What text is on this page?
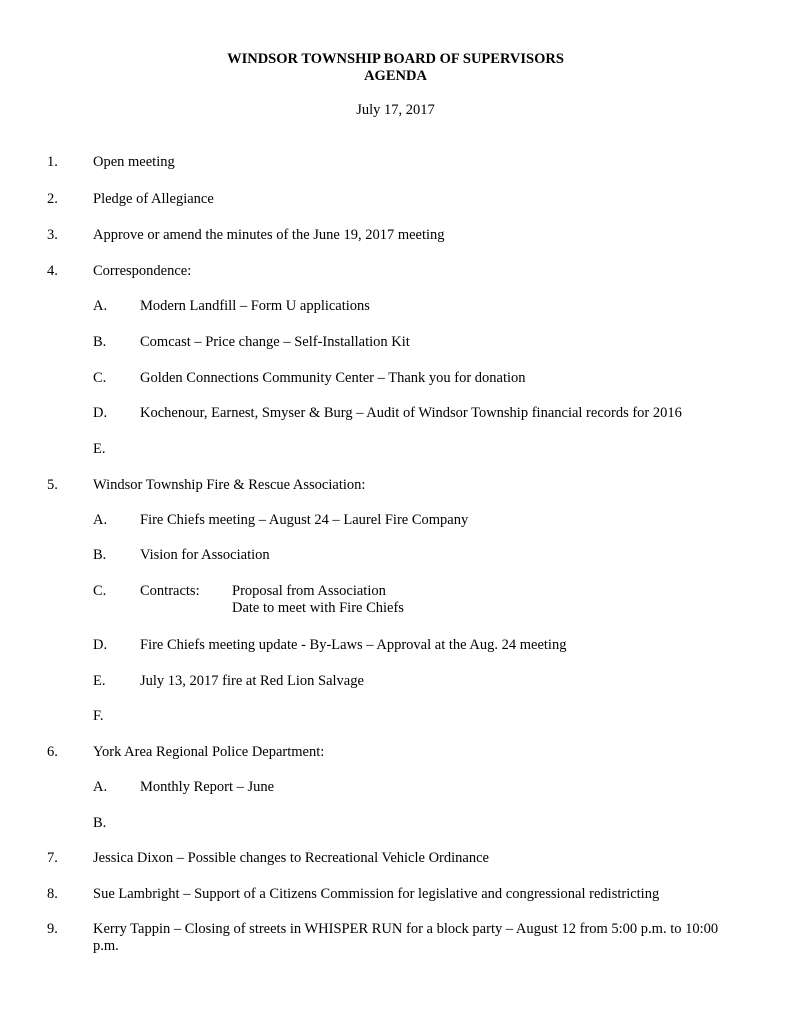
WINDSOR TOWNSHIP BOARD OF SUPERVISORS
AGENDA
July 17, 2017
1. Open meeting
2. Pledge of Allegiance
3. Approve or amend the minutes of the June 19, 2017 meeting
4. Correspondence:
A. Modern Landfill – Form U applications
B. Comcast – Price change – Self-Installation Kit
C. Golden Connections Community Center – Thank you for donation
D. Kochenour, Earnest, Smyser & Burg – Audit of Windsor Township financial records for 2016
E.
5. Windsor Township Fire & Rescue Association:
A. Fire Chiefs meeting – August 24 – Laurel Fire Company
B. Vision for Association
C. Contracts:	Proposal from Association
Date to meet with Fire Chiefs
D. Fire Chiefs meeting update - By-Laws – Approval at the Aug. 24 meeting
E. July 13, 2017 fire at Red Lion Salvage
F.
6. York Area Regional Police Department:
A. Monthly Report – June
B.
7. Jessica Dixon – Possible changes to Recreational Vehicle Ordinance
8. Sue Lambright – Support of a Citizens Commission for legislative and congressional redistricting
9. Kerry Tappin – Closing of streets in WHISPER RUN for a block party – August 12 from 5:00 p.m. to 10:00 p.m.
